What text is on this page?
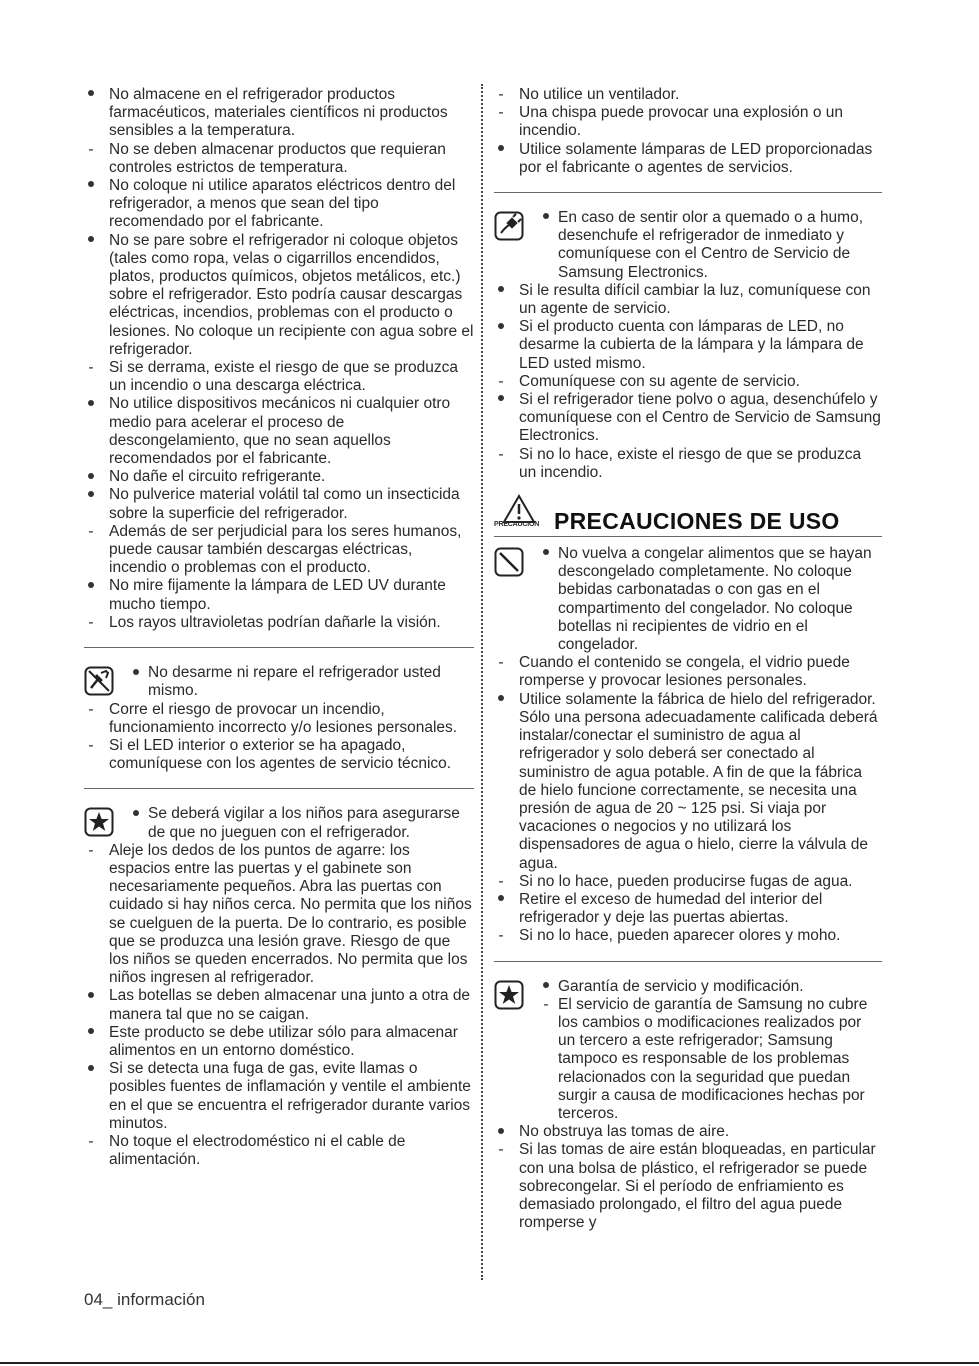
No almacene en el refrigerador productos farmacéuticos, materiales científicos ni productos sensibles a la temperatura.
-
No se deben almacenar productos que requieran controles estrictos de temperatura.
No coloque ni utilice aparatos eléctricos dentro del refrigerador, a menos que sean del tipo recomendado por el fabricante.
No se pare sobre el refrigerador ni coloque objetos (tales como ropa, velas o cigarrillos encendidos, platos, productos químicos, objetos metálicos, etc.) sobre el refrigerador. Esto podría causar descargas eléctricas, incendios, problemas con el producto o lesiones. No coloque un recipiente con agua sobre el refrigerador.
-
Si se derrama, existe el riesgo de que se produzca un incendio o una descarga eléctrica.
No utilice dispositivos mecánicos ni cualquier otro medio para acelerar el proceso de descongelamiento, que no sean aquellos recomendados por el fabricante.
No dañe el circuito refrigerante.
No pulverice material volátil tal como un insecticida sobre la superficie del refrigerador.
-
Además de ser perjudicial para los seres humanos, puede causar también descargas eléctricas, incendio o problemas con el producto.
No mire fijamente la lámpara de LED UV durante mucho tiempo.
-
Los rayos ultravioletas podrían dañarle la visión.
No desarme ni repare el refrigerador usted mismo.
-
Corre el riesgo de provocar un incendio, funcionamiento incorrecto y/o lesiones personales.
-
Si el LED interior o exterior se ha apagado, comuníquese con los agentes de servicio técnico.
Se deberá vigilar a los niños para asegurarse de que no jueguen con el refrigerador.
-
Aleje los dedos de los puntos de agarre: los espacios entre las puertas y el gabinete son necesariamente pequeños. Abra las puertas con cuidado si hay niños cerca. No permita que los niños se cuelguen de la puerta. De lo contrario, es posible que se produzca una lesión grave. Riesgo de que los niños se queden encerrados. No permita que los niños ingresen al refrigerador.
Las botellas se deben almacenar una junto a otra de manera tal que no se caigan.
Este producto se debe utilizar sólo para almacenar alimentos en un entorno doméstico.
Si se detecta una fuga de gas, evite llamas o posibles fuentes de inflamación y ventile el ambiente en el que se encuentra el refrigerador durante varios minutos.
-
No toque el electrodoméstico ni el cable de alimentación.
-
No utilice un ventilador.
-
Una chispa puede provocar una explosión o un incendio.
Utilice solamente lámparas de LED proporcionadas por el fabricante o agentes de servicios.
En caso de sentir olor a quemado o a humo, desenchufe el refrigerador de inmediato y comuníquese con el Centro de Servicio de Samsung Electronics.
Si le resulta difícil cambiar la luz, comuníquese con un agente de servicio.
Si el producto cuenta con lámparas de LED, no desarme la cubierta de la lámpara y la lámpara de LED usted mismo.
-
Comuníquese con su agente de servicio.
Si el refrigerador tiene polvo o agua, desenchúfelo y comuníquese con el Centro de Servicio de Samsung Electronics.
-
Si no lo hace, existe el riesgo de que se produzca un incendio.
PRECAUCIÓN PRECAUCIONES DE USO
No vuelva a congelar alimentos que se hayan descongelado completamente. No coloque bebidas carbonatadas o con gas en el compartimento del congelador. No coloque botellas ni recipientes de vidrio en el congelador.
-
Cuando el contenido se congela, el vidrio puede romperse y provocar lesiones personales.
Utilice solamente la fábrica de hielo del refrigerador. Sólo una persona adecuadamente calificada deberá instalar/conectar el suministro de agua al refrigerador y solo deberá ser conectado al suministro de agua potable. A fin de que la fábrica de hielo funcione correctamente, se necesita una presión de agua de 20 ~ 125 psi. Si viaja por vacaciones o negocios y no utilizará los dispensadores de agua o hielo, cierre la válvula de agua.
-
Si no lo hace, pueden producirse fugas de agua.
Retire el exceso de humedad del interior del refrigerador y deje las puertas abiertas.
-
Si no lo hace, pueden aparecer olores y moho.
Garantía de servicio y modificación.
-
El servicio de garantía de Samsung no cubre los cambios o modificaciones realizados por un tercero a este refrigerador; Samsung tampoco es responsable de los problemas relacionados con la seguridad que puedan surgir a causa de modificaciones hechas por terceros.
No obstruya las tomas de aire.
-
Si las tomas de aire están bloqueadas, en particular con una bolsa de plástico, el refrigerador se puede sobrecongelar. Si el período de enfriamiento es demasiado prolongado, el filtro del agua puede romperse y
04_ información
